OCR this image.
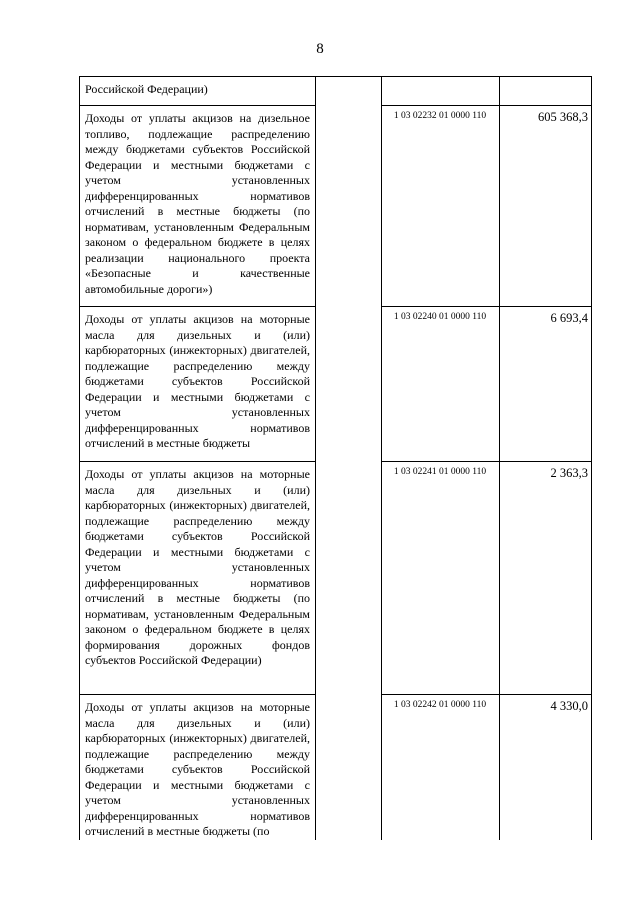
8
Российской Федерации)
Доходы от уплаты акцизов на дизельное топливо, подлежащие распределению между бюджетами субъектов Российской Федерации и местными бюджетами с учетом установленных дифференцированных нормативов отчислений в местные бюджеты (по нормативам, установленным Федеральным законом о федеральном бюджете в целях реализации национального проекта «Безопасные и качественные автомобильные дороги»)
1 03 02232 01 0000 110	605 368,3
Доходы от уплаты акцизов на моторные масла для дизельных и (или) карбюраторных (инжекторных) двигателей, подлежащие распределению между бюджетами субъектов Российской Федерации и местными бюджетами с учетом установленных дифференцированных нормативов отчислений в местные бюджеты
1 03 02240 01 0000 110	6 693,4
Доходы от уплаты акцизов на моторные масла для дизельных и (или) карбюраторных (инжекторных) двигателей, подлежащие распределению между бюджетами субъектов Российской Федерации и местными бюджетами с учетом установленных дифференцированных нормативов отчислений в местные бюджеты (по нормативам, установленным Федеральным законом о федеральном бюджете в целях формирования дорожных фондов субъектов Российской Федерации)
1 03 02241 01 0000 110	2 363,3
Доходы от уплаты акцизов на моторные масла для дизельных и (или) карбюраторных (инжекторных) двигателей, подлежащие распределению между бюджетами субъектов Российской Федерации и местными бюджетами с учетом установленных дифференцированных нормативов отчислений в местные бюджеты (по
1 03 02242 01 0000 110	4 330,0
